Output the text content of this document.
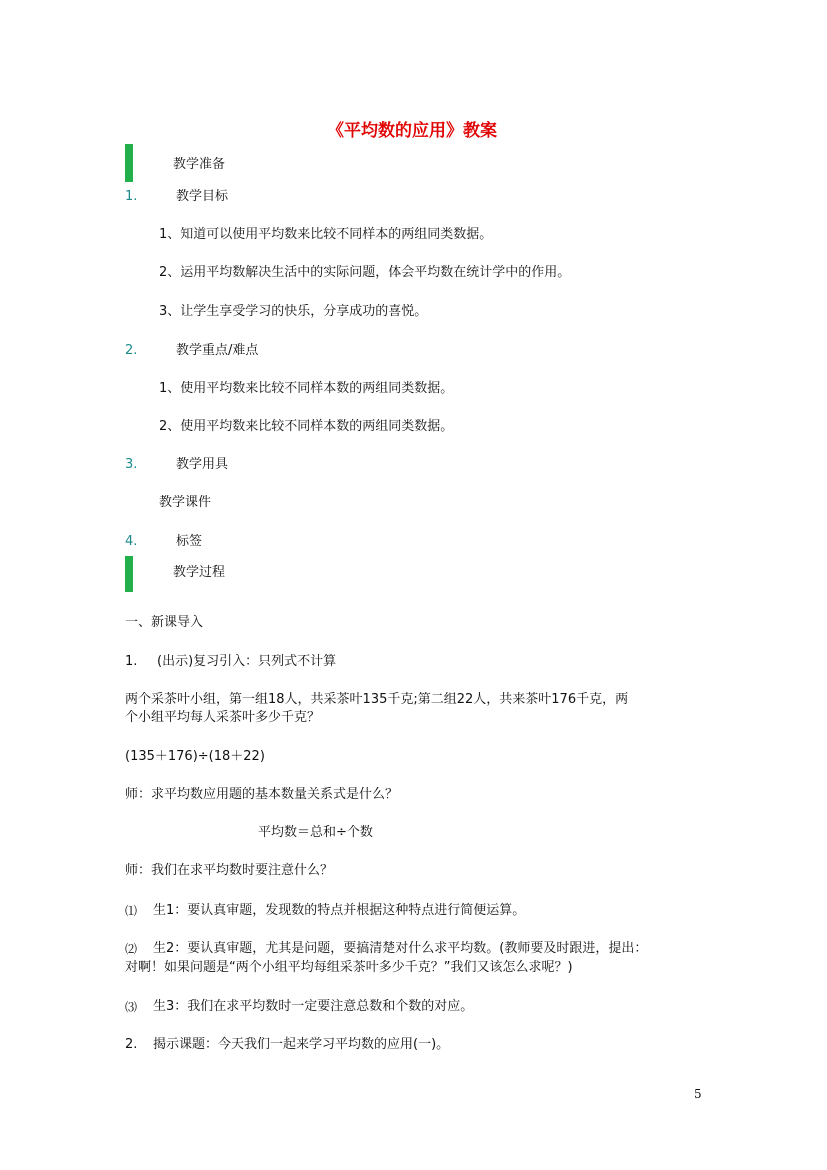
《平均数的应用》教案
教学准备
1.	教学目标
1、知道可以使用平均数来比较不同样本的两组同类数据。
2、运用平均数解决生活中的实际问题，体会平均数在统计学中的作用。
3、让学生享受学习的快乐，分享成功的喜悦。
2.	教学重点/难点
1、使用平均数来比较不同样本数的两组同类数据。
2、使用平均数来比较不同样本数的两组同类数据。
3.	教学用具
教学课件
4.	标签
教学过程
一、新课导入
1. (出示)复习引入：只列式不计算
两个采茶叶小组，第一组18人，共采茶叶135千克;第二组22人，共来茶叶176千克，两
个小组平均每人采茶叶多少千克？
(135＋176)÷(18＋22)
师：求平均数应用题的基本数量关系式是什么？
平均数＝总和÷个数
师：我们在求平均数时要注意什么？
⑴ 生1：要认真审题，发现数的特点并根据这种特点进行简便运算。
⑵ 生2：要认真审题，尤其是问题，要搞清楚对什么求平均数。(教师要及时跟进，提出：
对啊！如果问题是“两个小组平均每组采茶叶多少千克？”我们又该怎么求呢？)
⑶ 生3：我们在求平均数时一定要注意总数和个数的对应。
2. 揭示课题：今天我们一起来学习平均数的应用(一)。
5
